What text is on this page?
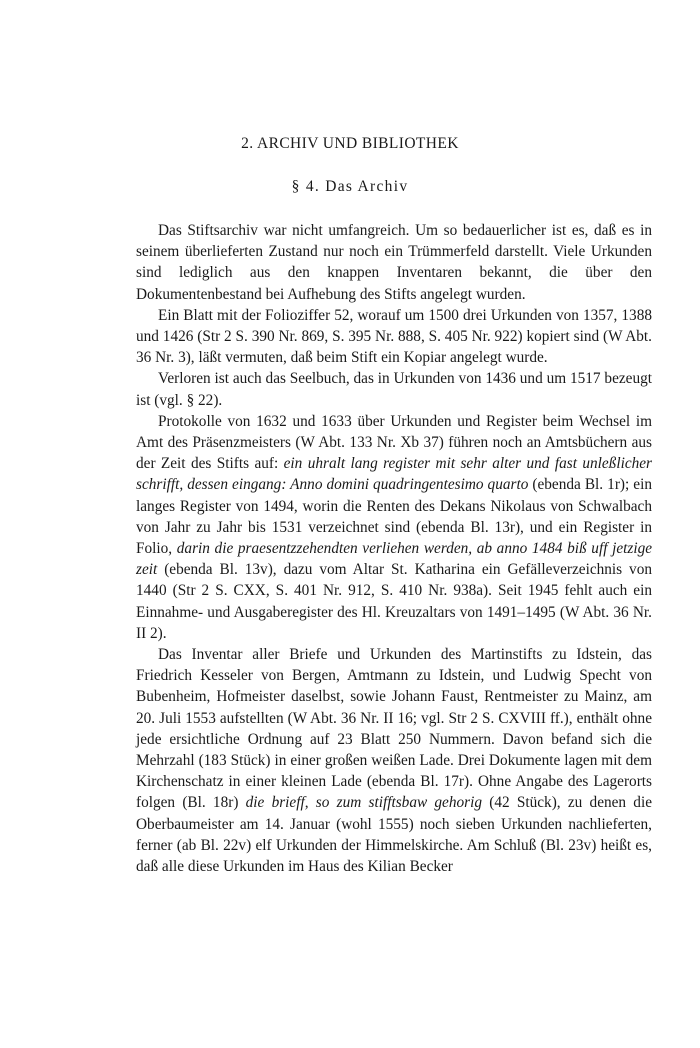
2. ARCHIV UND BIBLIOTHEK
§ 4. Das Archiv

Das Stiftsarchiv war nicht umfangreich. Um so bedauerlicher ist es, daß es in seinem überlieferten Zustand nur noch ein Trümmerfeld darstellt. Viele Urkunden sind lediglich aus den knappen Inventaren bekannt, die über den Dokumentenbestand bei Aufhebung des Stifts angelegt wurden.

Ein Blatt mit der Folioziffer 52, worauf um 1500 drei Urkunden von 1357, 1388 und 1426 (Str 2 S. 390 Nr. 869, S. 395 Nr. 888, S. 405 Nr. 922) kopiert sind (W Abt. 36 Nr. 3), läßt vermuten, daß beim Stift ein Kopiar angelegt wurde.

Verloren ist auch das Seelbuch, das in Urkunden von 1436 und um 1517 bezeugt ist (vgl. § 22).

Protokolle von 1632 und 1633 über Urkunden und Register beim Wechsel im Amt des Präsenzmeisters (W Abt. 133 Nr. Xb 37) führen noch an Amtsbüchern aus der Zeit des Stifts auf: ein uhralt lang register mit sehr alter und fast unleßlicher schrifft, dessen eingang: Anno domini quadringentesimo quarto (ebenda Bl. 1r); ein langes Register von 1494, worin die Renten des Dekans Nikolaus von Schwalbach von Jahr zu Jahr bis 1531 verzeichnet sind (ebenda Bl. 13r), und ein Register in Folio, darin die praesentzzehendten verliehen werden, ab anno 1484 biß uff jetzige zeit (ebenda Bl. 13v), dazu vom Altar St. Katharina ein Gefälleverzeichnis von 1440 (Str 2 S. CXX, S. 401 Nr. 912, S. 410 Nr. 938a). Seit 1945 fehlt auch ein Einnahme- und Ausgaberegister des Hl. Kreuzaltars von 1491–1495 (W Abt. 36 Nr. II 2).

Das Inventar aller Briefe und Urkunden des Martinstifts zu Idstein, das Friedrich Kesseler von Bergen, Amtmann zu Idstein, und Ludwig Specht von Bubenheim, Hofmeister daselbst, sowie Johann Faust, Rentmeister zu Mainz, am 20. Juli 1553 aufstellten (W Abt. 36 Nr. II 16; vgl. Str 2 S. CXVIII ff.), enthält ohne jede ersichtliche Ordnung auf 23 Blatt 250 Nummern. Davon befand sich die Mehrzahl (183 Stück) in einer großen weißen Lade. Drei Dokumente lagen mit dem Kirchenschatz in einer kleinen Lade (ebenda Bl. 17r). Ohne Angabe des Lagerorts folgen (Bl. 18r) die brieff, so zum stifftsbaw gehorig (42 Stück), zu denen die Oberbaumeister am 14. Januar (wohl 1555) noch sieben Urkunden nachlieferten, ferner (ab Bl. 22v) elf Urkunden der Himmelskirche. Am Schluß (Bl. 23v) heißt es, daß alle diese Urkunden im Haus des Kilian Becker
